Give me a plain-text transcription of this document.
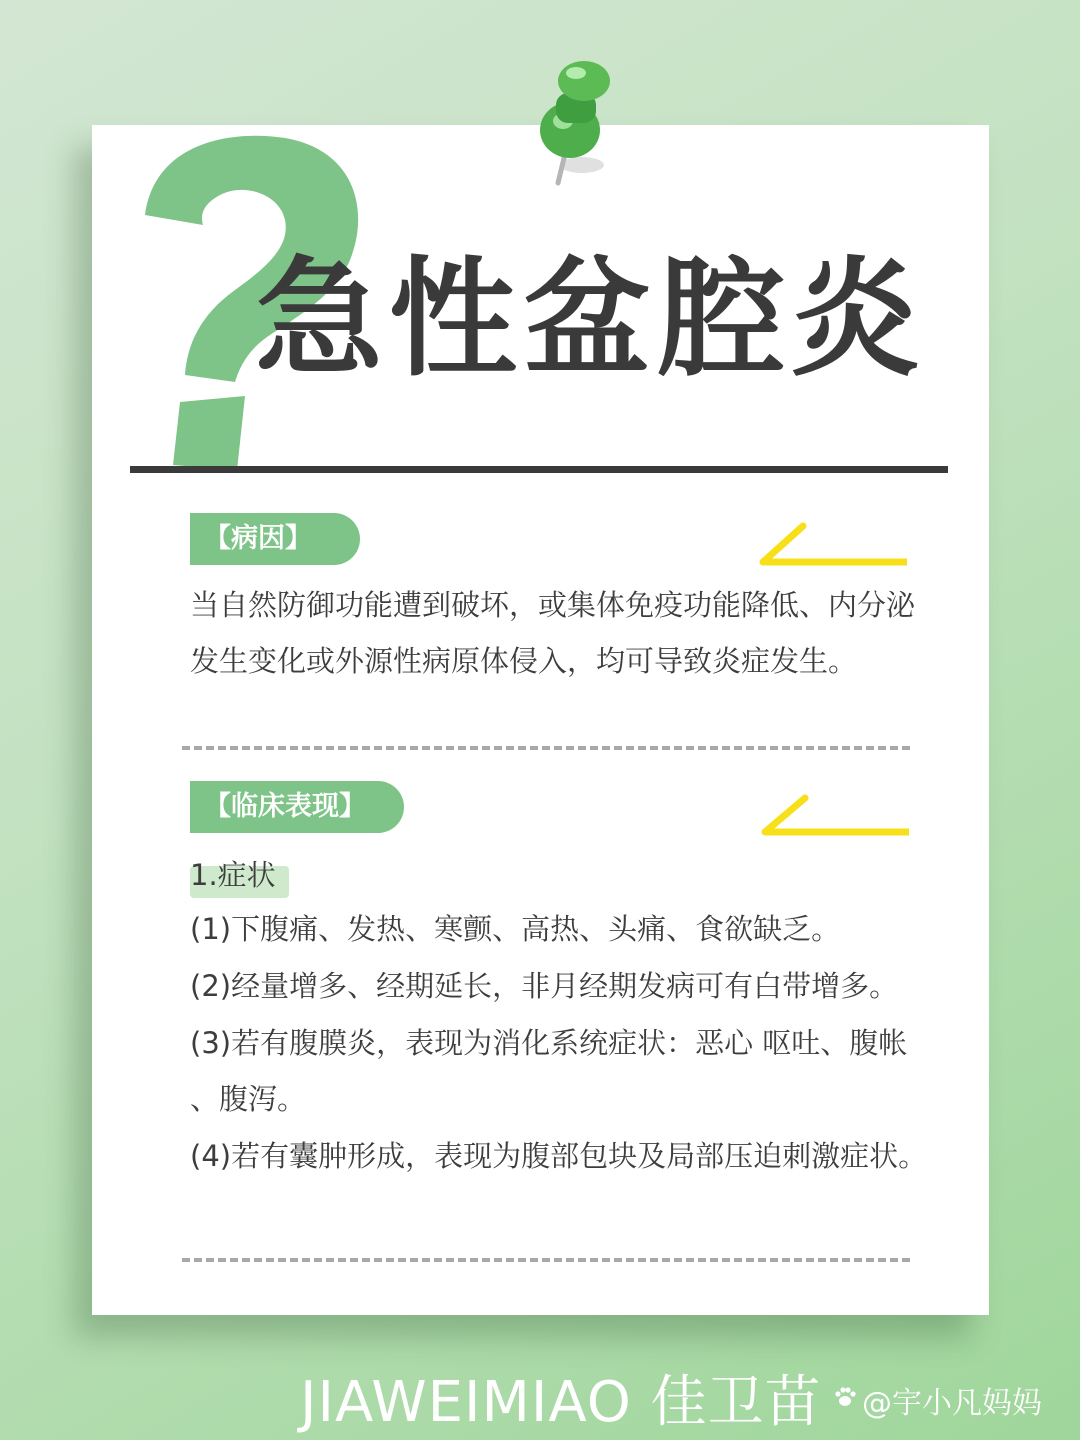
急性盆腔炎
【病因】
当自然防御功能遭到破坏，或集体免疫功能降低、内分泌
发生变化或外源性病原体侵入，均可导致炎症发生。
【临床表现】
1.症状
(1)下腹痛、发热、寒颤、高热、头痛、食欲缺乏。
(2)经量增多、经期延长，非月经期发病可有白带增多。
(3)若有腹膜炎，表现为消化系统症状：恶心 呕吐、腹帐
、腹泻。
(4)若有囊肿形成，表现为腹部包块及局部压迫刺激症状。
JIAWEIMIAO 佳卫苗 @宇小凡妈妈
